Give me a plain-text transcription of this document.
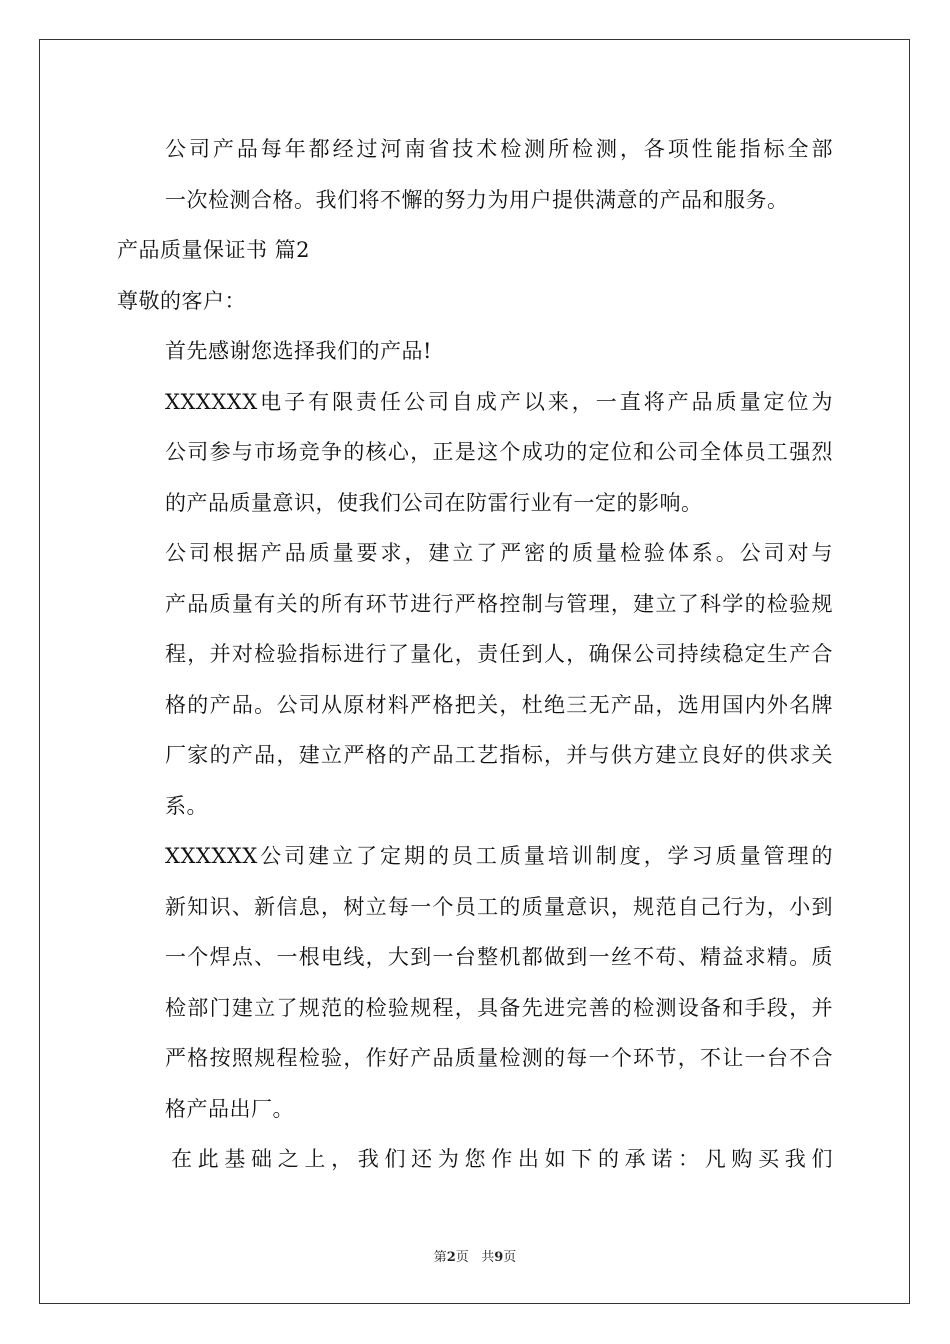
公司产品每年都经过河南省技术检测所检测，各项性能指标全部
一次检测合格。我们将不懈的努力为用户提供满意的产品和服务。

产品质量保证书 篇2

尊敬的客户：

首先感谢您选择我们的产品!

XXXXXX电子有限责任公司自成产以来，一直将产品质量定位为
公司参与市场竞争的核心，正是这个成功的定位和公司全体员工强烈
的产品质量意识，使我们公司在防雷行业有一定的影响。

公司根据产品质量要求，建立了严密的质量检验体系。公司对与
产品质量有关的所有环节进行严格控制与管理，建立了科学的检验规
程，并对检验指标进行了量化，责任到人，确保公司持续稳定生产合
格的产品。公司从原材料严格把关，杜绝三无产品，选用国内外名牌
厂家的产品，建立严格的产品工艺指标，并与供方建立良好的供求关
系。

XXXXXX公司建立了定期的员工质量培训制度，学习质量管理的
新知识、新信息，树立每一个员工的质量意识，规范自己行为，小到
一个焊点、一根电线，大到一台整机都做到一丝不苟、精益求精。质
检部门建立了规范的检验规程，具备先进完善的检测设备和手段，并
严格按照规程检验，作好产品质量检测的每一个环节，不让一台不合
格产品出厂。

在此基础之上，我们还为您作出如下的承诺：凡购买我们

第2页 共9页
